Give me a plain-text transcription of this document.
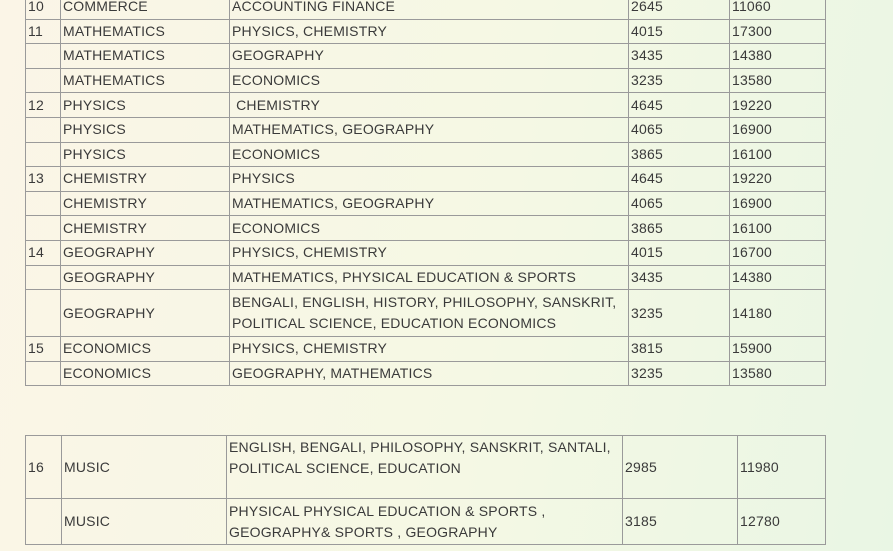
10	COMMERCE	ACCOUNTING FINANCE	2645	11060
11	MATHEMATICS	PHYSICS, CHEMISTRY	4015	17300
	MATHEMATICS	GEOGRAPHY	3435	14380
	MATHEMATICS	ECONOMICS	3235	13580
12	PHYSICS	CHEMISTRY	4645	19220
	PHYSICS	MATHEMATICS, GEOGRAPHY	4065	16900
	PHYSICS	ECONOMICS	3865	16100
13	CHEMISTRY	PHYSICS	4645	19220
	CHEMISTRY	MATHEMATICS, GEOGRAPHY	4065	16900
	CHEMISTRY	ECONOMICS	3865	16100
14	GEOGRAPHY	PHYSICS, CHEMISTRY	4015	16700
	GEOGRAPHY	MATHEMATICS, PHYSICAL EDUCATION & SPORTS	3435	14380
	GEOGRAPHY	BENGALI, ENGLISH, HISTORY, PHILOSOPHY, SANSKRIT, POLITICAL SCIENCE, EDUCATION ECONOMICS	3235	14180
15	ECONOMICS	PHYSICS, CHEMISTRY	3815	15900
	ECONOMICS	GEOGRAPHY, MATHEMATICS	3235	13580
16	MUSIC	ENGLISH, BENGALI, PHILOSOPHY, SANSKRIT, SANTALI, POLITICAL SCIENCE, EDUCATION	2985	11980
	MUSIC	PHYSICAL PHYSICAL EDUCATION & SPORTS , GEOGRAPHY& SPORTS , GEOGRAPHY	3185	12780
